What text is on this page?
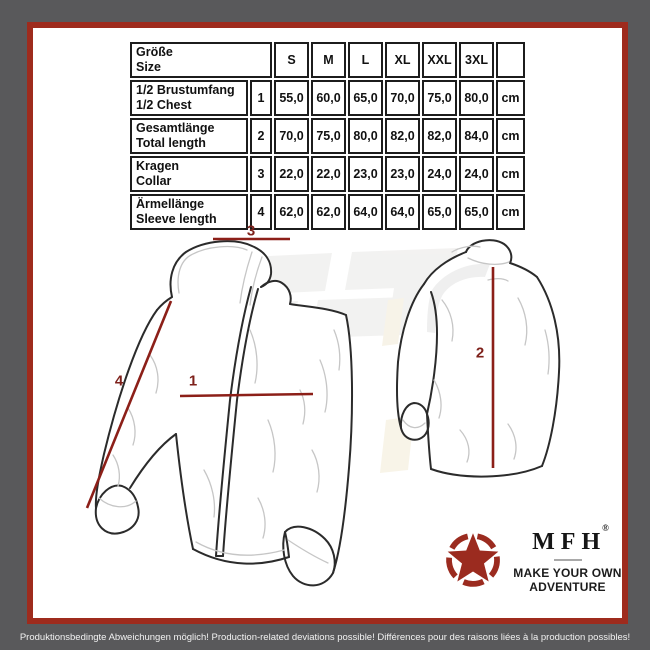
Größe
Size		S	M	L	XL	XXL	3XL	

1/2 Brustumfang
1/2 Chest	1	55,0	60,0	65,0	70,0	75,0	80,0	cm

Gesamtlänge
Total length	2	70,0	75,0	80,0	82,0	82,0	84,0	cm

Kragen
Collar	3	22,0	22,0	23,0	23,0	24,0	24,0	cm

Ärmellänge
Sleeve length	4	62,0	62,0	64,0	64,0	65,0	65,0	cm
3
4	1
2
MFH®
MAKE YOUR OWN
ADVENTURE
Produktionsbedingte Abweichungen möglich! Production-related deviations possible! Différences pour des raisons liées à la production possibles!
